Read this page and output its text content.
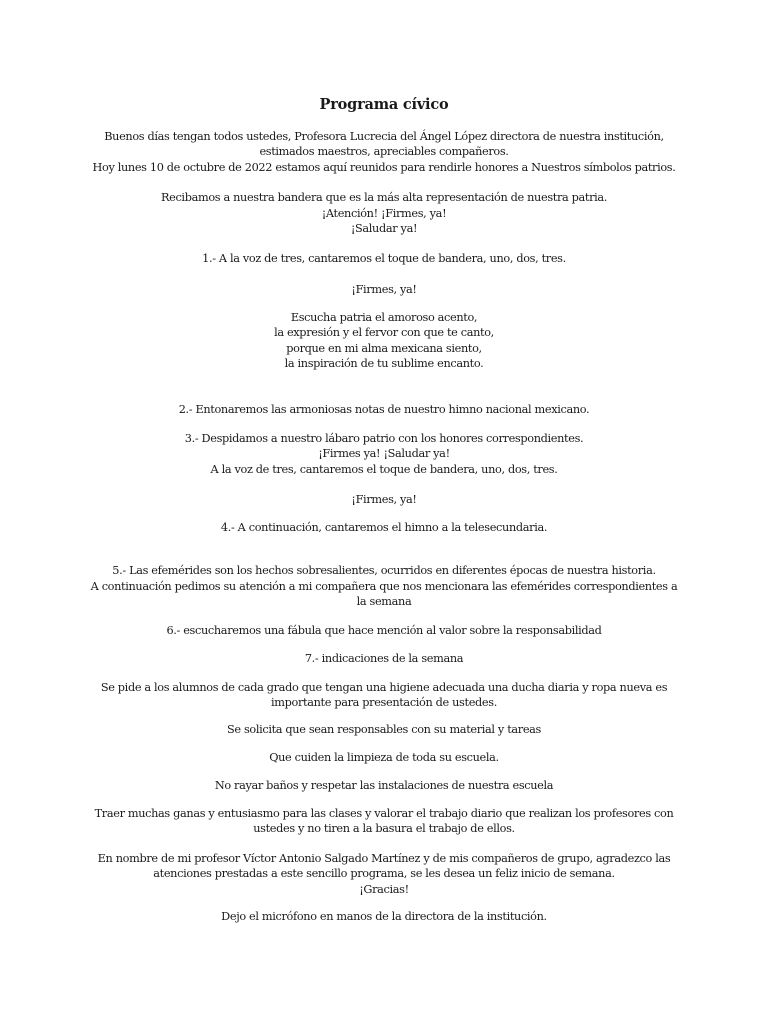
Programa cívico
Buenos días tengan todos ustedes, Profesora Lucrecia del Ángel López directora de nuestra institución,
estimados maestros, apreciables compañeros.
Hoy lunes 10 de octubre de 2022 estamos aquí reunidos para rendirle honores a Nuestros símbolos patrios.
Recibamos a nuestra bandera que es la más alta representación de nuestra patria.
¡Atención! ¡Firmes, ya!
¡Saludar ya!
1.- A la voz de tres, cantaremos el toque de bandera, uno, dos, tres.
¡Firmes, ya!
Escucha patria el amoroso acento,
la expresión y el fervor con que te canto,
porque en mi alma mexicana siento,
la inspiración de tu sublime encanto.
2.- Entonaremos las armoniosas notas de nuestro himno nacional mexicano.
3.- Despidamos a nuestro lábaro patrio con los honores correspondientes.
¡Firmes ya! ¡Saludar ya!
A la voz de tres, cantaremos el toque de bandera, uno, dos, tres.
¡Firmes, ya!
4.- A continuación, cantaremos el himno a la telesecundaria.
5.- Las efemérides son los hechos sobresalientes, ocurridos en diferentes épocas de nuestra historia.
A continuación pedimos su atención a mi compañera que nos mencionara las efemérides correspondientes a
la semana
6.- escucharemos una fábula que hace mención al valor sobre la responsabilidad
7.- indicaciones de la semana
Se pide a los alumnos de cada grado que tengan una higiene adecuada una ducha diaria y ropa nueva es
importante para presentación de ustedes.
Se solicita que sean responsables con su material y tareas
Que cuiden la limpieza de toda su escuela.
No rayar baños y respetar las instalaciones de nuestra escuela
Traer muchas ganas y entusiasmo para las clases y valorar el trabajo diario que realizan los profesores con
ustedes y no tiren a la basura el trabajo de ellos.
En nombre de mi profesor Víctor Antonio Salgado Martínez y de mis compañeros de grupo, agradezco las
atenciones prestadas a este sencillo programa, se les desea un feliz inicio de semana.
¡Gracias!
Dejo el micrófono en manos de la directora de la institución.
